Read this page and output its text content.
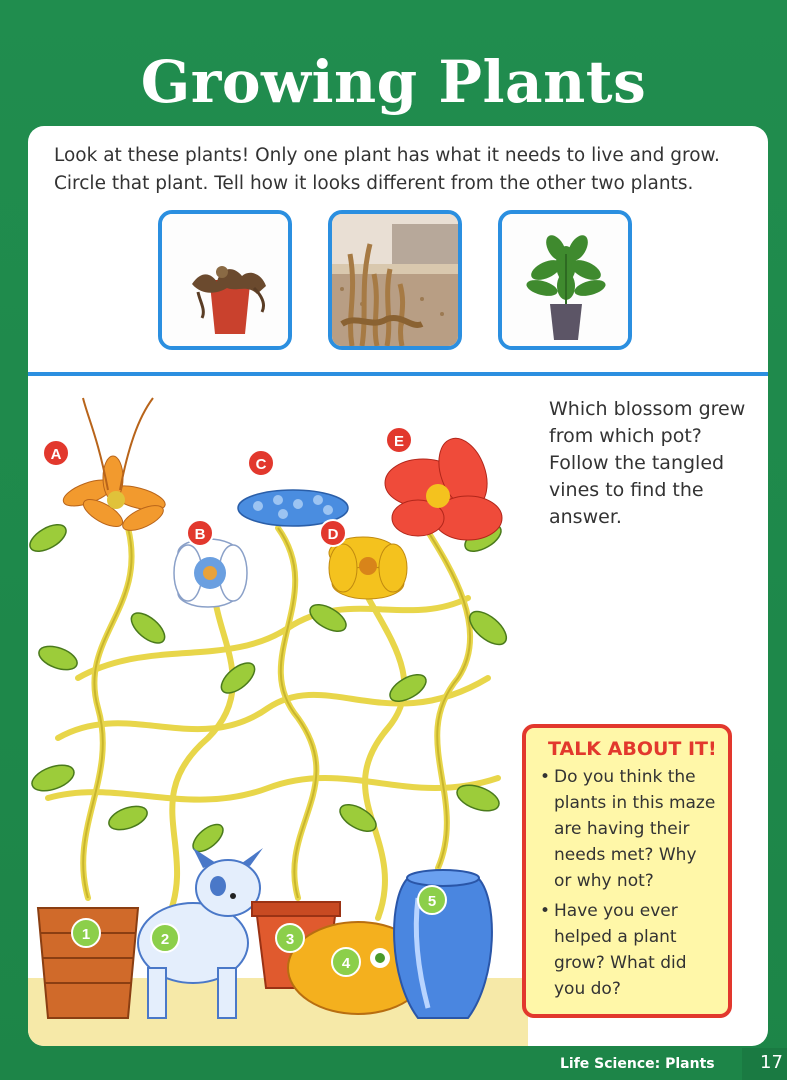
Growing Plants
Look at these plants! Only one plant has what it needs to live and grow.
Circle that plant. Tell how it looks different from the other two plants.
A
B
C
D
E
1	2	3
4
5
Which blossom grew from which pot? Follow the tangled vines to find the answer.
TALK ABOUT IT!
• Do you think the plants in this maze are having their needs met? Why or why not?
• Have you ever helped a plant grow? What did you do?
Life Science: Plants	17
